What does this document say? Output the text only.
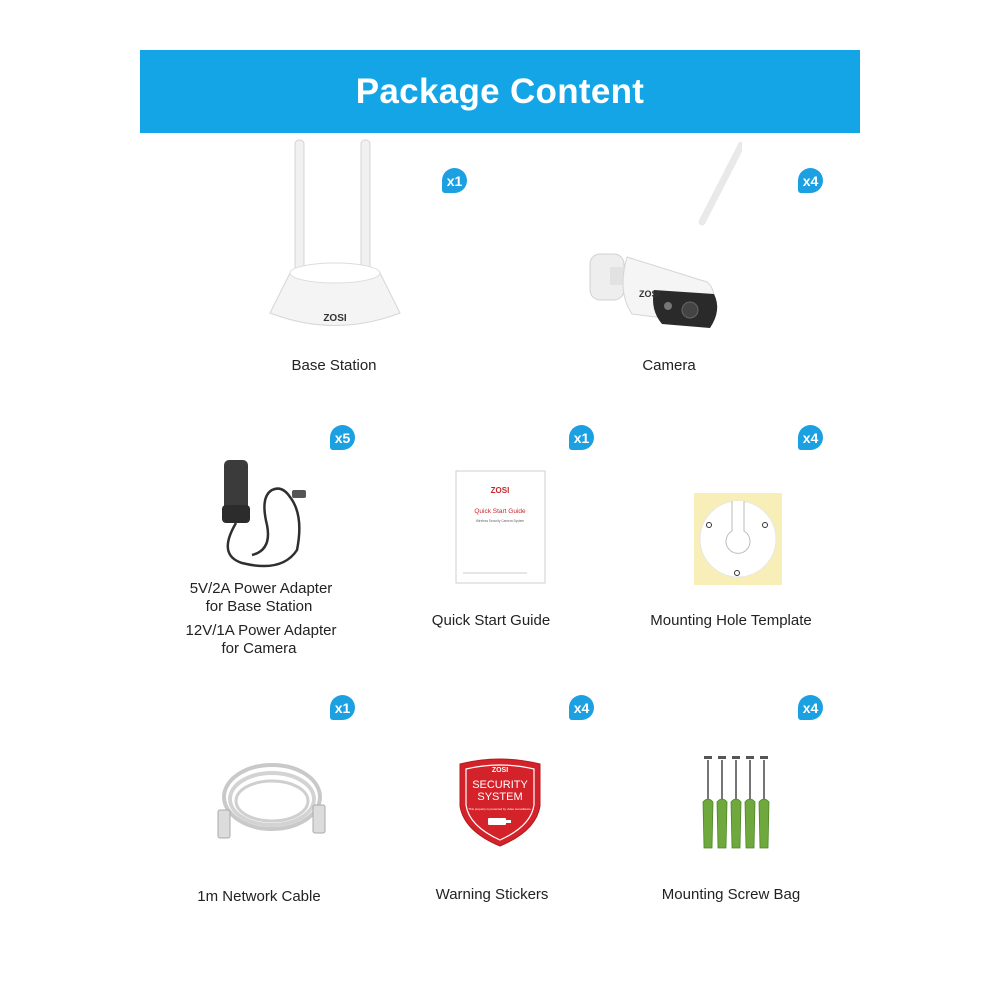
Package Content
ZOSI
x1
Base Station
ZOSI
x4
Camera
x5
5V/2A Power Adapter
for Base Station
12V/1A Power Adapter
for Camera
ZOSI
Quick Start Guide
Wireless Security Camera System
x1
Quick Start Guide
x4
Mounting Hole Template
x1
1m Network Cable
ZOSI
SECURITY
SYSTEM
This property is protected by video surveillance.
x4
Warning Stickers
x4
Mounting Screw Bag
